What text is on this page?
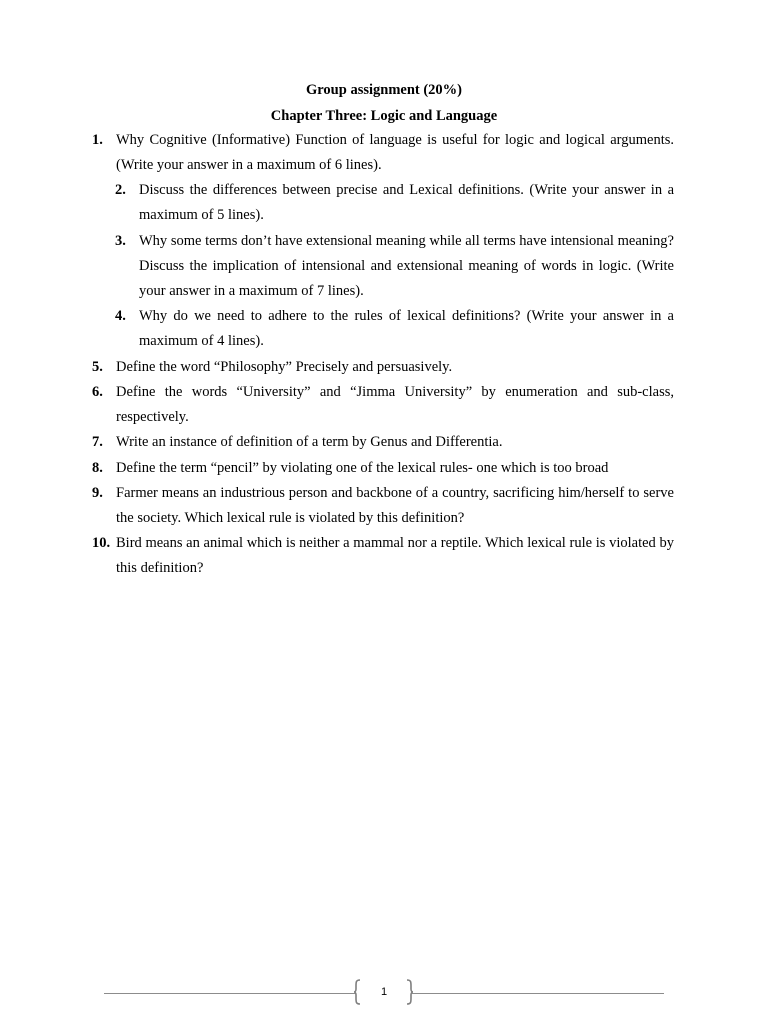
Group assignment (20%)
Chapter Three: Logic and Language
1. Why Cognitive (Informative) Function of language is useful for logic and logical arguments. (Write your answer in a maximum of 6 lines).
2. Discuss the differences between precise and Lexical definitions. (Write your answer in a maximum of 5 lines).
3. Why some terms don’t have extensional meaning while all terms have intensional meaning? Discuss the implication of intensional and extensional meaning of words in logic. (Write your answer in a maximum of 7 lines).
4. Why do we need to adhere to the rules of lexical definitions? (Write your answer in a maximum of 4 lines).
5. Define the word “Philosophy” Precisely and persuasively.
6. Define the words “University” and “Jimma University” by enumeration and sub-class, respectively.
7. Write an instance of definition of a term by Genus and Differentia.
8. Define the term “pencil” by violating one of the lexical rules- one which is too broad
9. Farmer means an industrious person and backbone of a country, sacrificing him/herself to serve the society. Which lexical rule is violated by this definition?
10. Bird means an animal which is neither a mammal nor a reptile. Which lexical rule is violated by this definition?
1
